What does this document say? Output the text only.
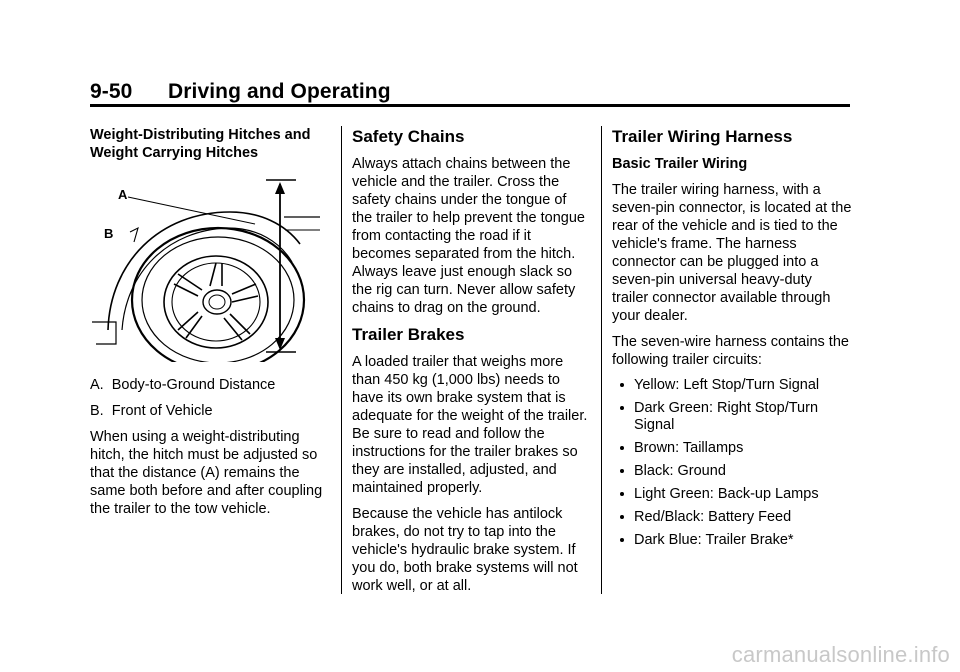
9-50 Driving and Operating

Weight-Distributing Hitches and Weight Carrying Hitches

A
B

A.  Body-to-Ground Distance

B.  Front of Vehicle

When using a weight-distributing hitch, the hitch must be adjusted so that the distance (A) remains the same both before and after coupling the trailer to the tow vehicle.

Safety Chains

Always attach chains between the vehicle and the trailer. Cross the safety chains under the tongue of the trailer to help prevent the tongue from contacting the road if it becomes separated from the hitch. Always leave just enough slack so the rig can turn. Never allow safety chains to drag on the ground.

Trailer Brakes

A loaded trailer that weighs more than 450 kg (1,000 lbs) needs to have its own brake system that is adequate for the weight of the trailer. Be sure to read and follow the instructions for the trailer brakes so they are installed, adjusted, and maintained properly.

Because the vehicle has antilock brakes, do not try to tap into the vehicle's hydraulic brake system. If you do, both brake systems will not work well, or at all.

Trailer Wiring Harness

Basic Trailer Wiring

The trailer wiring harness, with a seven-pin connector, is located at the rear of the vehicle and is tied to the vehicle's frame. The harness connector can be plugged into a seven-pin universal heavy-duty trailer connector available through your dealer.

The seven-wire harness contains the following trailer circuits:

Yellow: Left Stop/Turn Signal
Dark Green: Right Stop/Turn Signal
Brown: Taillamps
Black: Ground
Light Green: Back-up Lamps
Red/Black: Battery Feed
Dark Blue: Trailer Brake*
carmanualsonline.info
